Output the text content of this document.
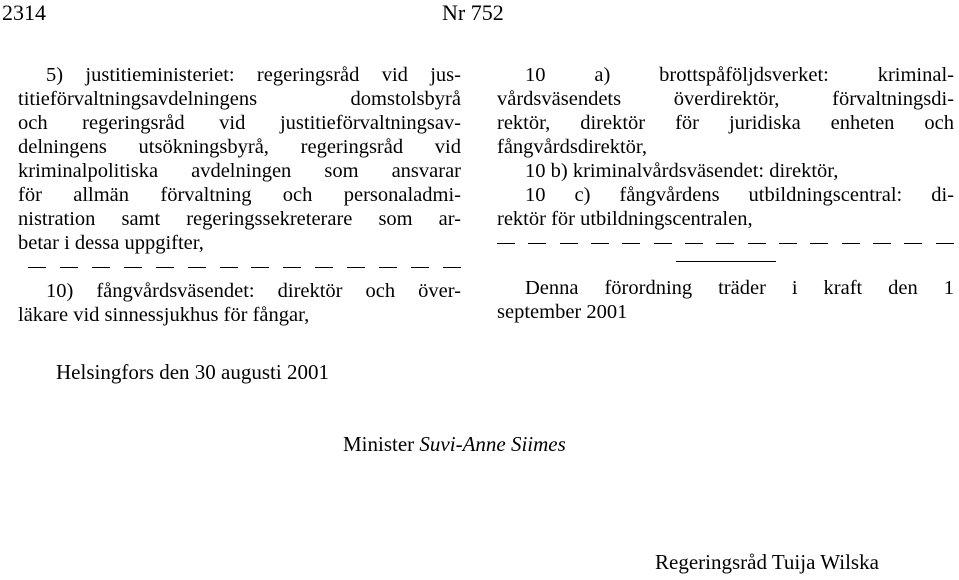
2314	Nr 752
5) justitieministeriet: regeringsråd vid jus-
titieförvaltningsavdelningens domstolsbyrå
och regeringsråd vid justitieförvaltningsav-
delningens utsökningsbyrå, regeringsråd vid
kriminalpolitiska avdelningen som ansvarar
för allmän förvaltning och personaladmi-
nistration samt regeringssekreterare som ar-
betar i dessa uppgifter,
10) fångvårdsväsendet: direktör och över-
läkare vid sinnessjukhus för fångar,
10 a) brottspåföljdsverket: kriminal-
vårdsväsendets överdirektör, förvaltningsdi-
rektör, direktör för juridiska enheten och
fångvårdsdirektör,
10 b) kriminalvårdsväsendet: direktör,
10 c) fångvårdens utbildningscentral: di-
rektör för utbildningscentralen,
Denna förordning träder i kraft den 1
september 2001
Helsingfors den 30 augusti 2001
Minister Suvi-Anne Siimes
Regeringsråd Tuija Wilska
